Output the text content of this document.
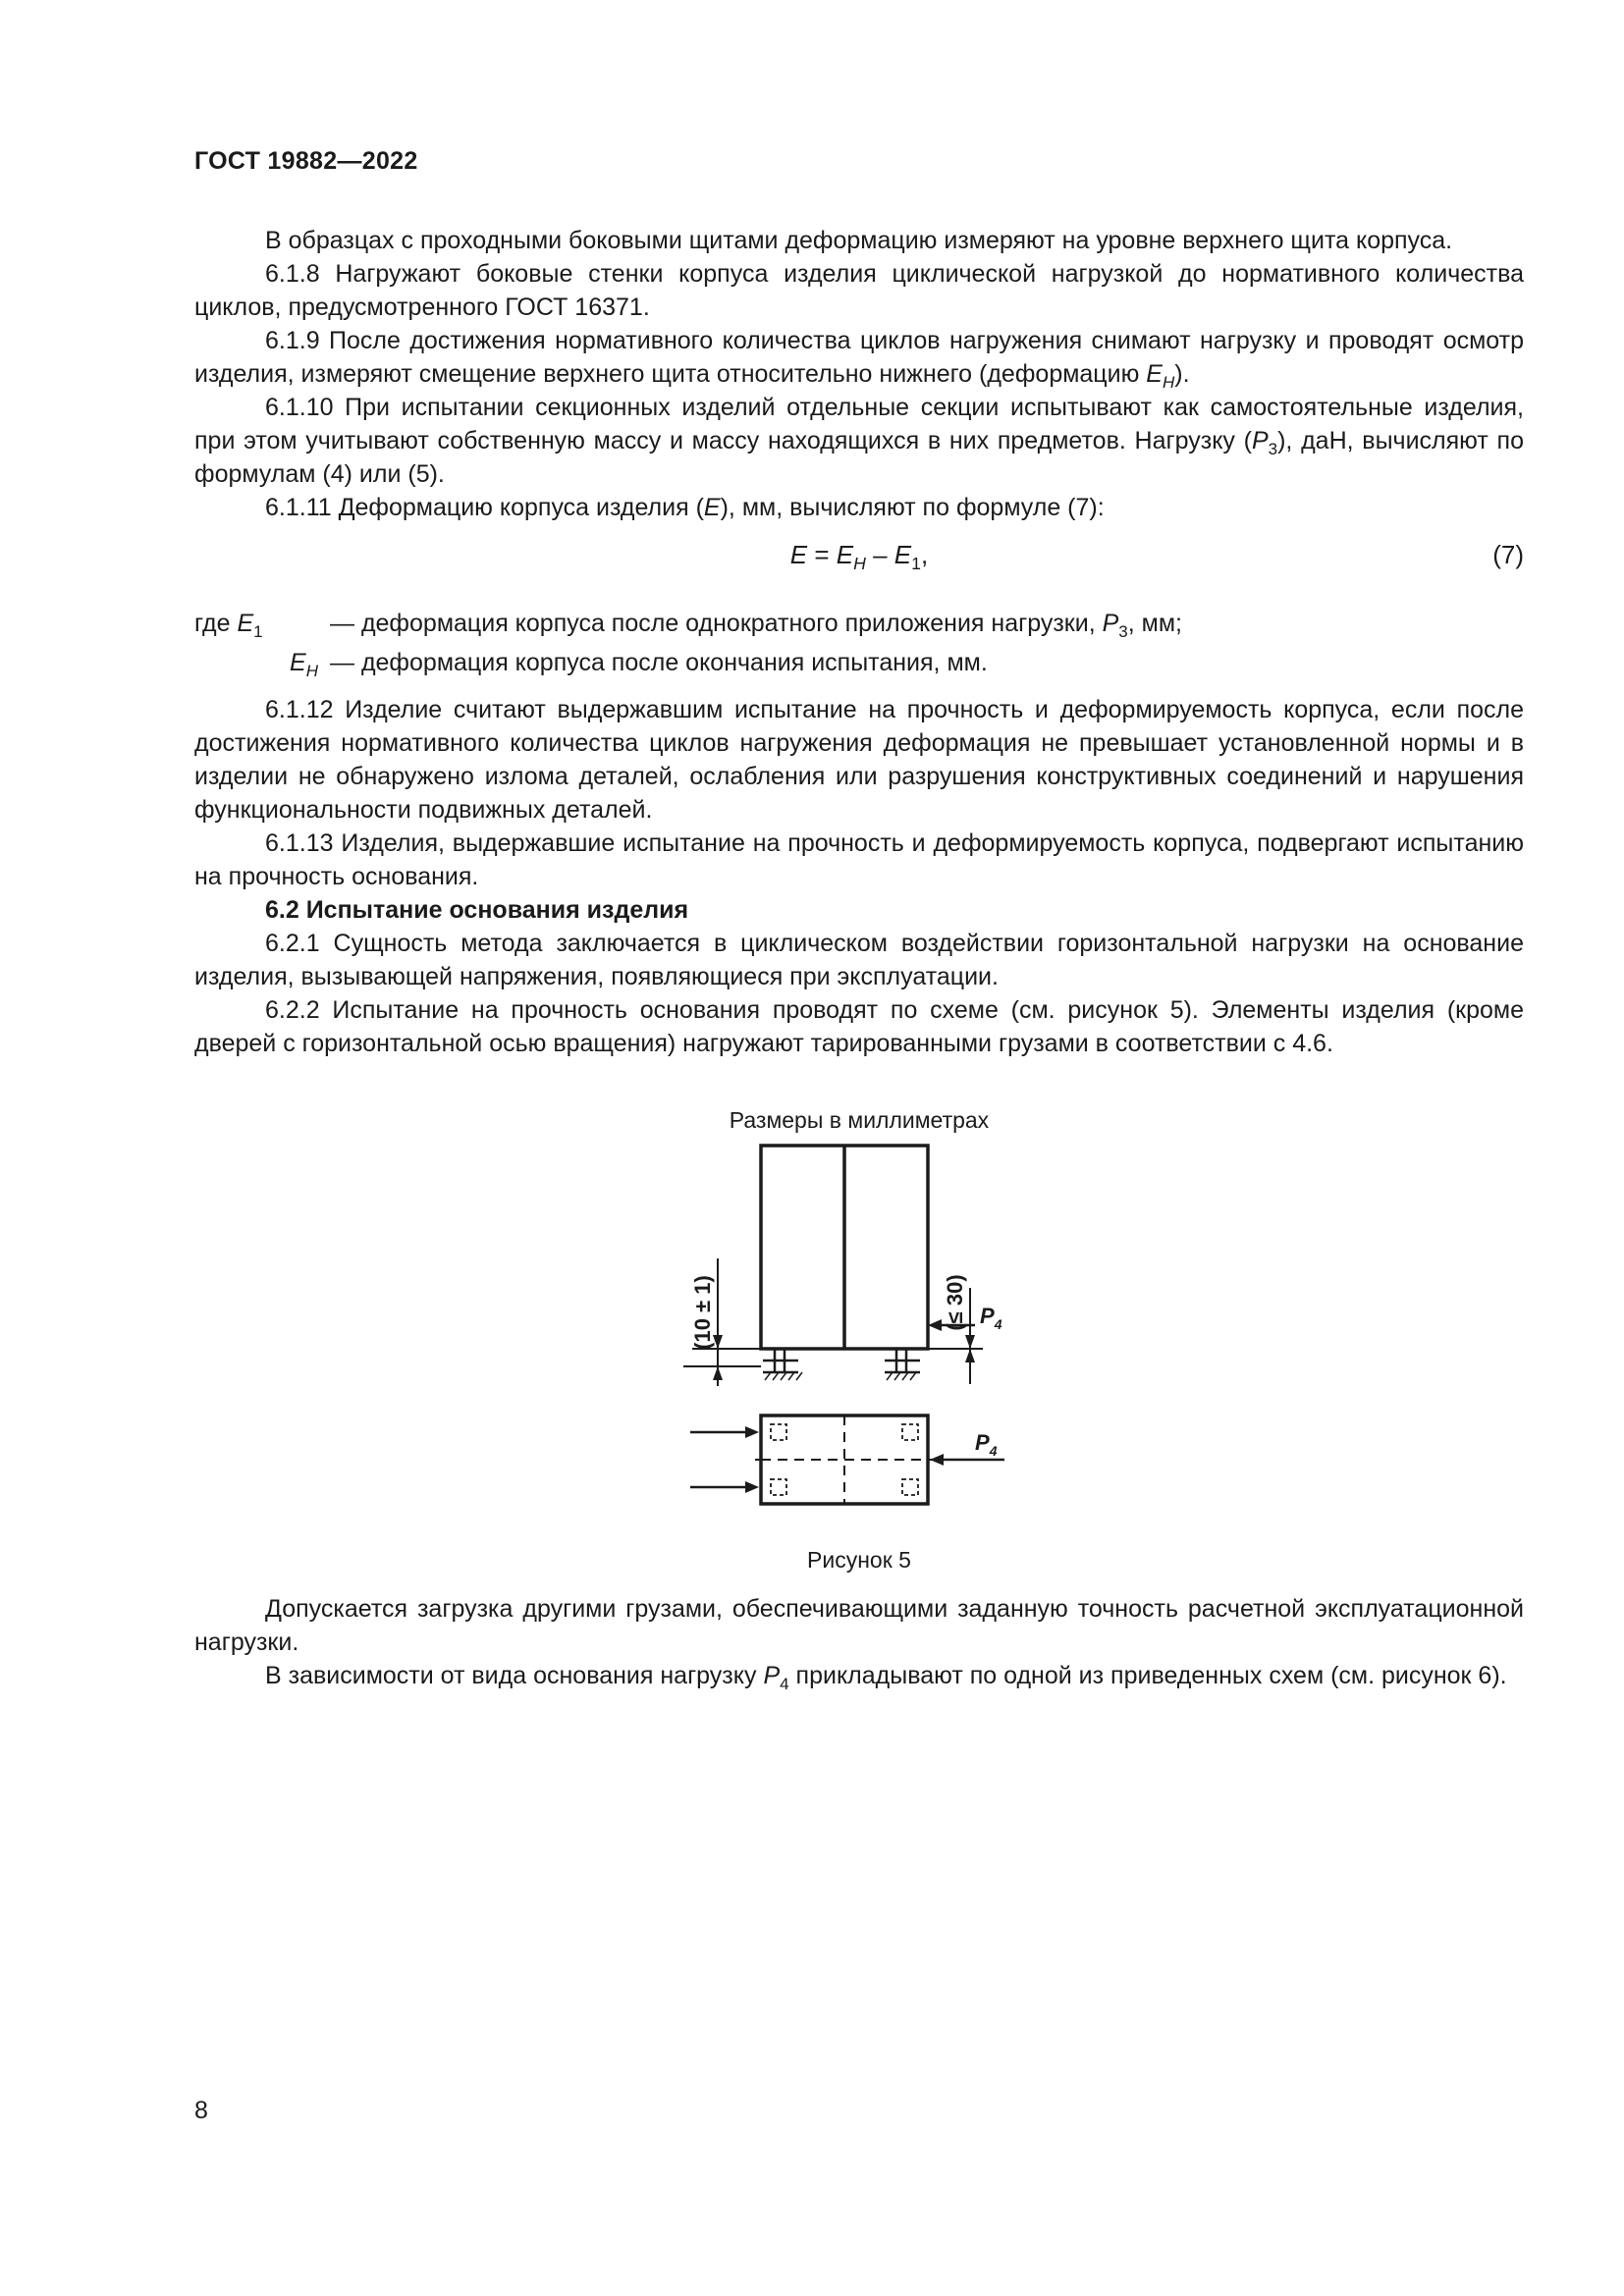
ГОСТ 19882—2022

В образцах с проходными боковыми щитами деформацию измеряют на уровне верхнего щита корпуса.

6.1.8 Нагружают боковые стенки корпуса изделия циклической нагрузкой до нормативного количества циклов, предусмотренного ГОСТ 16371.

6.1.9 После достижения нормативного количества циклов нагружения снимают нагрузку и проводят осмотр изделия, измеряют смещение верхнего щита относительно нижнего (деформацию $E_H$).

6.1.10 При испытании секционных изделий отдельные секции испытывают как самостоятельные изделия, при этом учитывают собственную массу и массу находящихся в них предметов. Нагрузку $(P_3)$, даН, вычисляют по формулам (4) или (5).

6.1.11 Деформацию корпуса изделия (E), мм, вычисляют по формуле (7):

$E = E_H - E_1$,	(7)
где $E_1$	— деформация корпуса после однократного приложения нагрузки, $P_3$, мм;
$E_H$ — деформация корпуса после окончания испытания, мм.

6.1.12 Изделие считают выдержавшим испытание на прочность и деформируемость корпуса, если после достижения нормативного количества циклов нагружения деформация не превышает установленной нормы и в изделии не обнаружено излома деталей, ослабления или разрушения конструктивных соединений и нарушения функциональности подвижных деталей.

6.1.13 Изделия, выдержавшие испытание на прочность и деформируемость корпуса, подвергают испытанию на прочность основания.

6.2 Испытание основания изделия

6.2.1 Сущность метода заключается в циклическом воздействии горизонтальной нагрузки на основание изделия, вызывающей напряжения, появляющиеся при эксплуатации.

6.2.2 Испытание на прочность основания проводят по схеме (см. рисунок 5). Элементы изделия (кроме дверей с горизонтальной осью вращения) нагружают тарированными грузами в соответствии с 4.6.

Размеры в миллиметрах
(10 ± 1)	(≤ 30) $P_4$
$P_4$
Рисунок 5

Допускается загрузка другими грузами, обеспечивающими заданную точность расчетной эксплуатационной нагрузки.

В зависимости от вида основания нагрузку $P_4$ прикладывают по одной из приведенных схем (см. рисунок 6).

8
